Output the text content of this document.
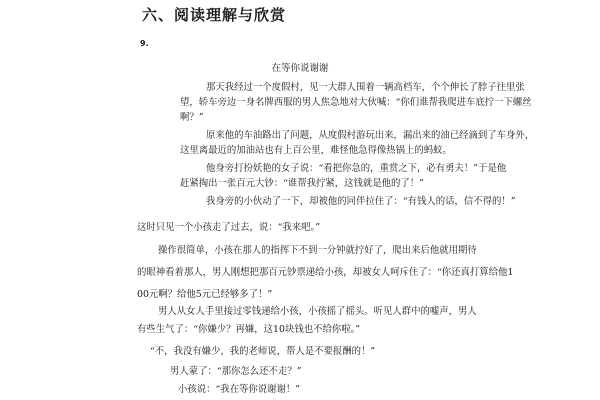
六、阅读理解与欣赏
9.
在等你说谢谢
那天我经过一个度假村，见一大群人围着一辆高档车，个个伸长了脖子往里张
望，轿车旁边一身名牌西服的男人焦急地对大伙喊：“你们谁帮我爬进车底拧一下螺丝
啊？”
原来他的车油路出了问题，从度假村游玩出来，漏出来的油已经滴到了车身外，
这里离最近的加油站也有上百公里，难怪他急得像热锅上的蚂蚁。
他身旁打扮妖艳的女子说：“看把你急的，重赏之下，必有勇夫！”于是他
赶紧掏出一张百元大钞：“谁帮我拧紧，这钱就是他的了！”
我身旁的小伙动了一下，却被他的同伴拉住了：“有钱人的话，信不得的！”
这时只见一个小孩走了过去，说：“我来吧。”
操作很简单，小孩在那人的指挥下不到一分钟就拧好了，爬出来后他就用期待
的眼神看着那人，男人刚想把那百元钞票递给小孩，却被女人呵斥住了：“你还真打算给他1
00元啊？给他5元已经够多了！”
男人从女人手里接过零钱递给小孩，小孩摇了摇头。听见人群中的嘘声，男人
有些生气了：“你嫌少？再嫌，这10块钱也不给你啦。”
“不，我没有嫌少，我的老师说，帮人是不要报酬的！”
男人蒙了：“那你怎么还不走？”
小孩说：“我在等你说谢谢！”
